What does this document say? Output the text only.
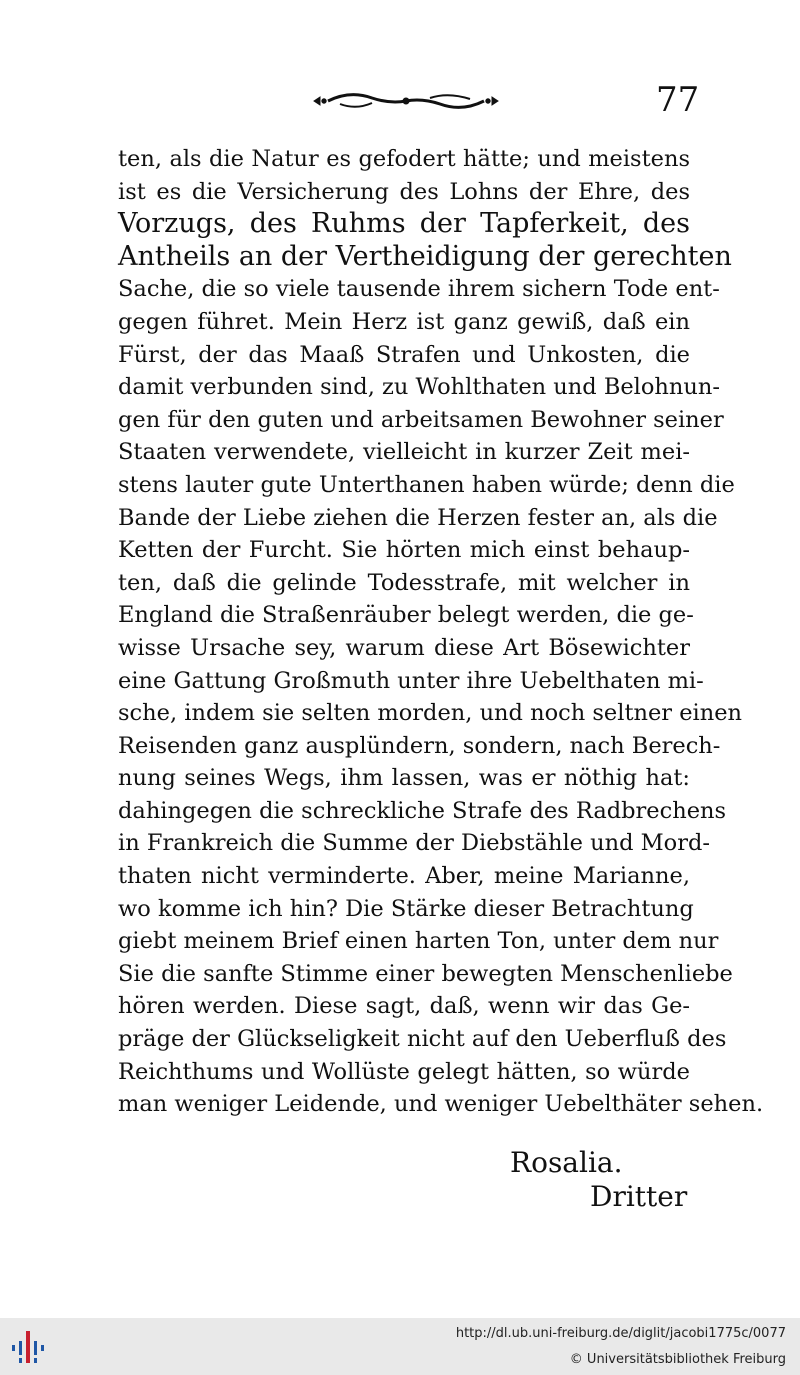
77
ten, als die Natur es gefodert hätte; und meistens
ist es die Versicherung des Lohns der Ehre, des
Vorzugs, des Ruhms der Tapferkeit, des
Antheils an der Vertheidigung der gerechten
Sache, die so viele tausende ihrem sichern Tode ent-
gegen führet. Mein Herz ist ganz gewiß, daß ein
Fürst, der das Maaß Strafen und Unkosten, die
damit verbunden sind, zu Wohlthaten und Belohnun-
gen für den guten und arbeitsamen Bewohner seiner
Staaten verwendete, vielleicht in kurzer Zeit mei-
stens lauter gute Unterthanen haben würde; denn die
Bande der Liebe ziehen die Herzen fester an, als die
Ketten der Furcht. Sie hörten mich einst behaup-
ten, daß die gelinde Todesstrafe, mit welcher in
England die Straßenräuber belegt werden, die ge-
wisse Ursache sey, warum diese Art Bösewichter
eine Gattung Großmuth unter ihre Uebelthaten mi-
sche, indem sie selten morden, und noch seltner einen
Reisenden ganz ausplündern, sondern, nach Berech-
nung seines Wegs, ihm lassen, was er nöthig hat:
dahingegen die schreckliche Strafe des Radbrechens
in Frankreich die Summe der Diebstähle und Mord-
thaten nicht verminderte. Aber, meine Marianne,
wo komme ich hin? Die Stärke dieser Betrachtung
giebt meinem Brief einen harten Ton, unter dem nur
Sie die sanfte Stimme einer bewegten Menschenliebe
hören werden. Diese sagt, daß, wenn wir das Ge-
präge der Glückseligkeit nicht auf den Ueberfluß des
Reichthums und Wollüste gelegt hätten, so würde
man weniger Leidende, und weniger Uebelthäter sehen.
Rosalia.
Dritter
http://dl.ub.uni-freiburg.de/diglit/jacobi1775c/0077
© Universitätsbibliothek Freiburg
